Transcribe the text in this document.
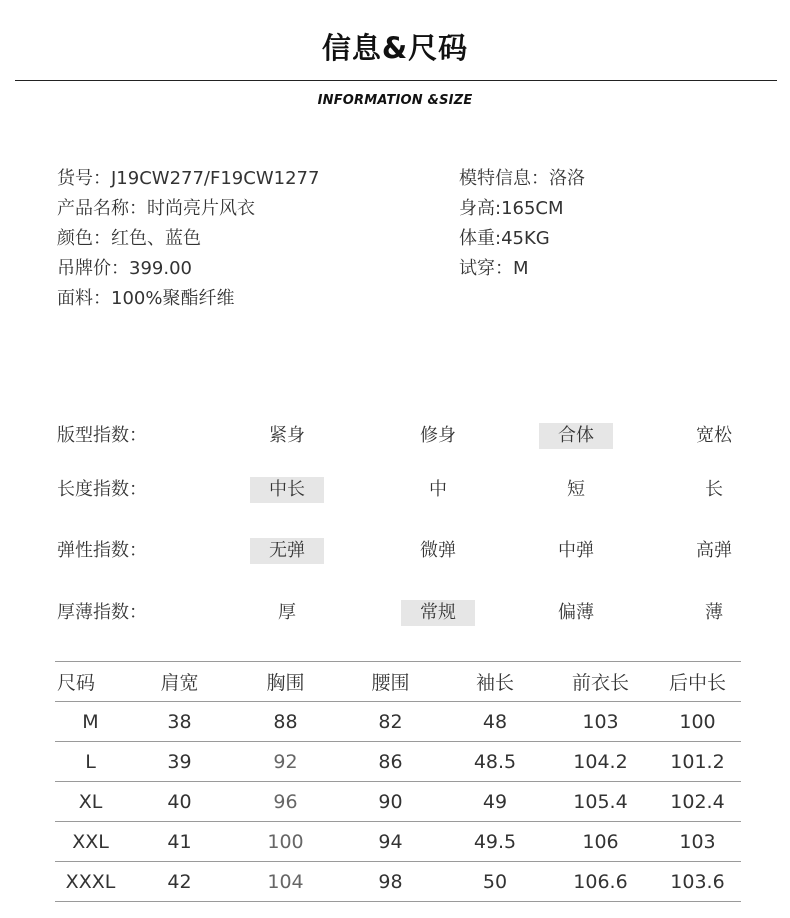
信息&尺码
INFORMATION &SIZE
货号：J19CW277/F19CW1277
产品名称：时尚亮片风衣
颜色：红色、蓝色
吊牌价：399.00
面料：100%聚酯纤维
模特信息：洛洛
身高:165CM
体重:45KG
试穿：M
版型指数：	紧身	修身	合体	宽松
长度指数：	中长	中	短	长
弹性指数：	无弹	微弹	中弹	高弹
厚薄指数：	厚	常规	偏薄	薄
尺码	肩宽	胸围	腰围	袖长	前衣长	后中长
M	38	88	82	48	103	100
L	39	92	86	48.5	104.2	101.2
XL	40	96	90	49	105.4	102.4
XXL	41	100	94	49.5	106	103
XXXL	42	104	98	50	106.6	103.6
